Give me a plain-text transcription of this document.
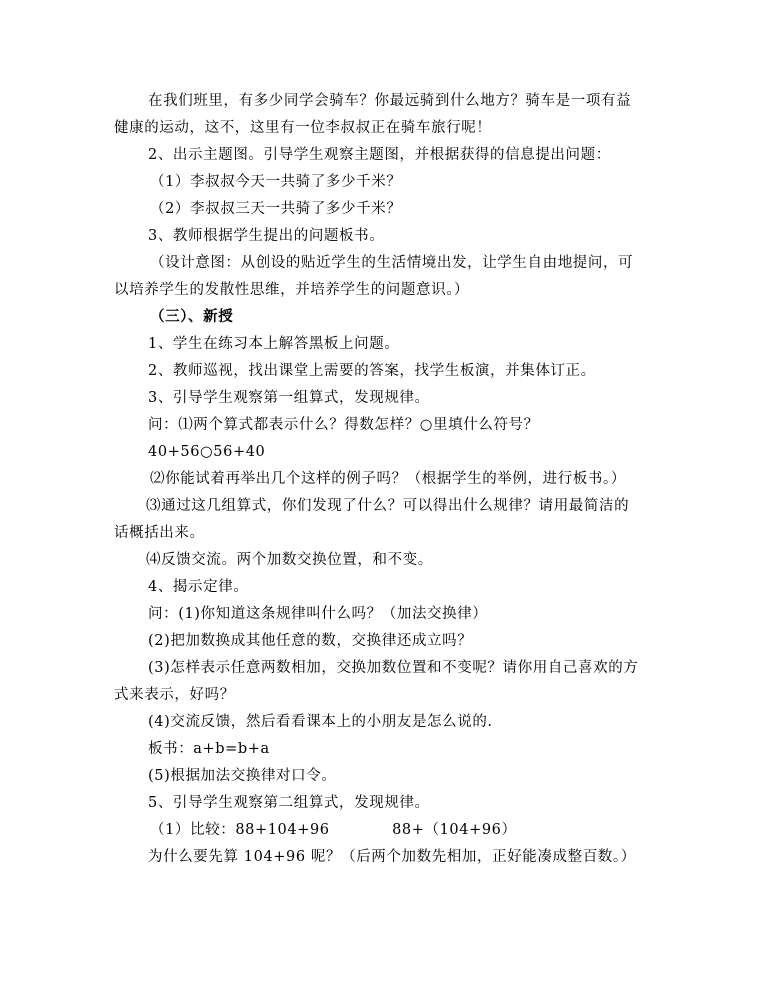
在我们班里，有多少同学会骑车？你最远骑到什么地方？骑车是一项有益
健康的运动，这不，这里有一位李叔叔正在骑车旅行呢！
2、出示主题图。引导学生观察主题图，并根据获得的信息提出问题：
（1）李叔叔今天一共骑了多少千米？
（2）李叔叔三天一共骑了多少千米？
3、教师根据学生提出的问题板书。
（设计意图：从创设的贴近学生的生活情境出发，让学生自由地提问，可
以培养学生的发散性思维，并培养学生的问题意识。）
（三）、新授
1、学生在练习本上解答黑板上问题。
2、教师巡视，找出课堂上需要的答案，找学生板演，并集体订正。
3、引导学生观察第一组算式，发现规律。
问：⑴两个算式都表示什么？得数怎样？○里填什么符号？
40+56○56+40
⑵你能试着再举出几个这样的例子吗？（根据学生的举例，进行板书。）
⑶通过这几组算式，你们发现了什么？可以得出什么规律？请用最简洁的
话概括出来。
⑷反馈交流。两个加数交换位置，和不变。
4、揭示定律。
问：(1)你知道这条规律叫什么吗？（加法交换律）
(2)把加数换成其他任意的数，交换律还成立吗？
(3)怎样表示任意两数相加，交换加数位置和不变呢？请你用自己喜欢的方
式来表示，好吗？
(4)交流反馈，然后看看课本上的小朋友是怎么说的.
板书：a+b=b+a
(5)根据加法交换律对口令。
5、引导学生观察第二组算式，发现规律。
（1）比较：88+104+96            88+（104+96）
为什么要先算 104+96 呢？（后两个加数先相加，正好能凑成整百数。）
